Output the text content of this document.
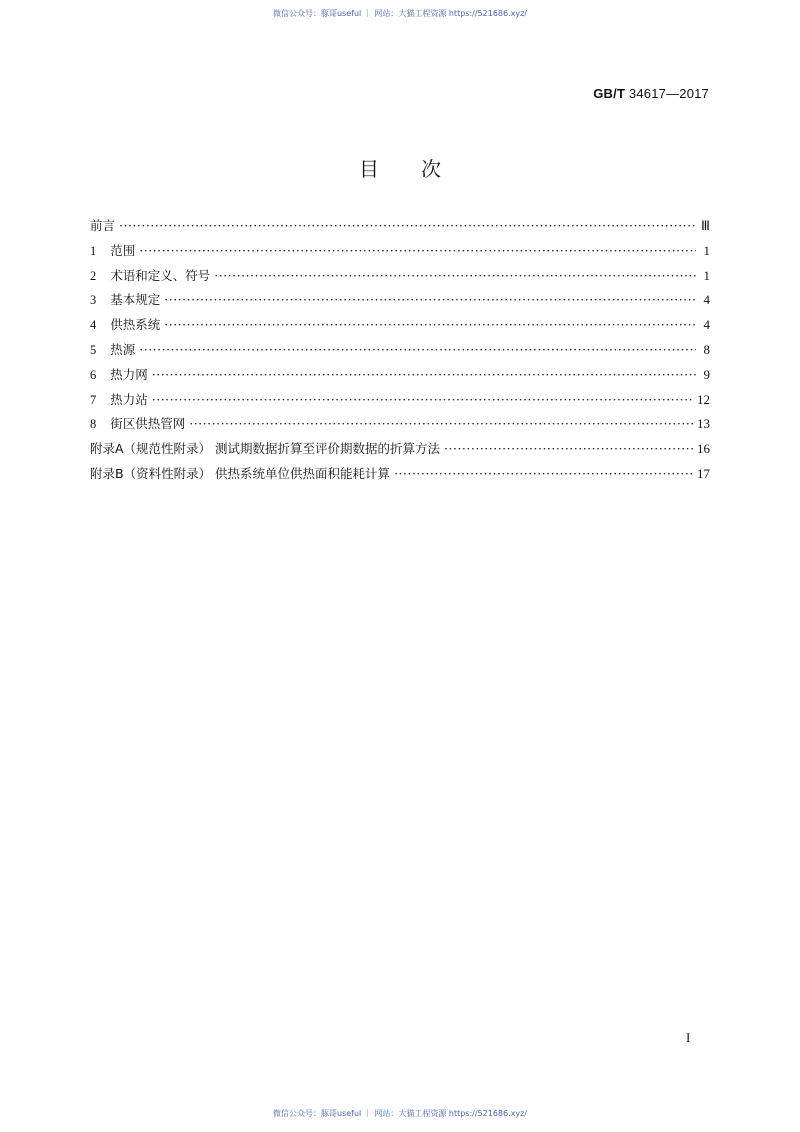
微信公众号：豚哥useful ｜ 网站：大猫工程资源 https://521686.xyz/
GB/T 34617—2017
目次
前言 ·····	Ⅲ
1 范围 ·····	1
2 术语和定义、符号 ·····	1
3 基本规定 ·····	4
4 供热系统 ·····	4
5 热源 ·····	8
6 热力网 ·····	9
7 热力站 ·····	12
8 街区供热管网 ·····	13
附录A（规范性附录） 测试期数据折算至评价期数据的折算方法 ·····	16
附录B（资料性附录） 供热系统单位供热面积能耗计算 ·····	17
I
微信公众号：豚哥useful ｜ 网站：大猫工程资源 https://521686.xyz/
